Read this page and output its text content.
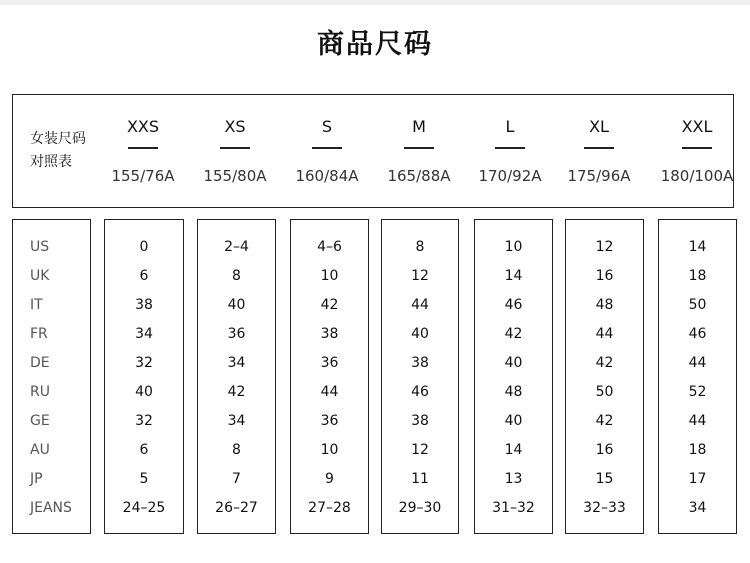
商品尺码
女装尺码
对照表
XXS
155/76A
XS
155/80A
S
160/84A
M
165/88A
L
170/92A
XL
175/96A
XXL
180/100A
US
UK
IT
FR
DE
RU
GE
AU
JP
JEANS
0
6
38
34
32
40
32
6
5
24–25
2–4
8
40
36
34
42
34
8
7
26–27
4–6
10
42
38
36
44
36
10
9
27–28
8
12
44
40
38
46
38
12
11
29–30
10
14
46
42
40
48
40
14
13
31–32
12
16
48
44
42
50
42
16
15
32–33
14
18
50
46
44
52
44
18
17
34
